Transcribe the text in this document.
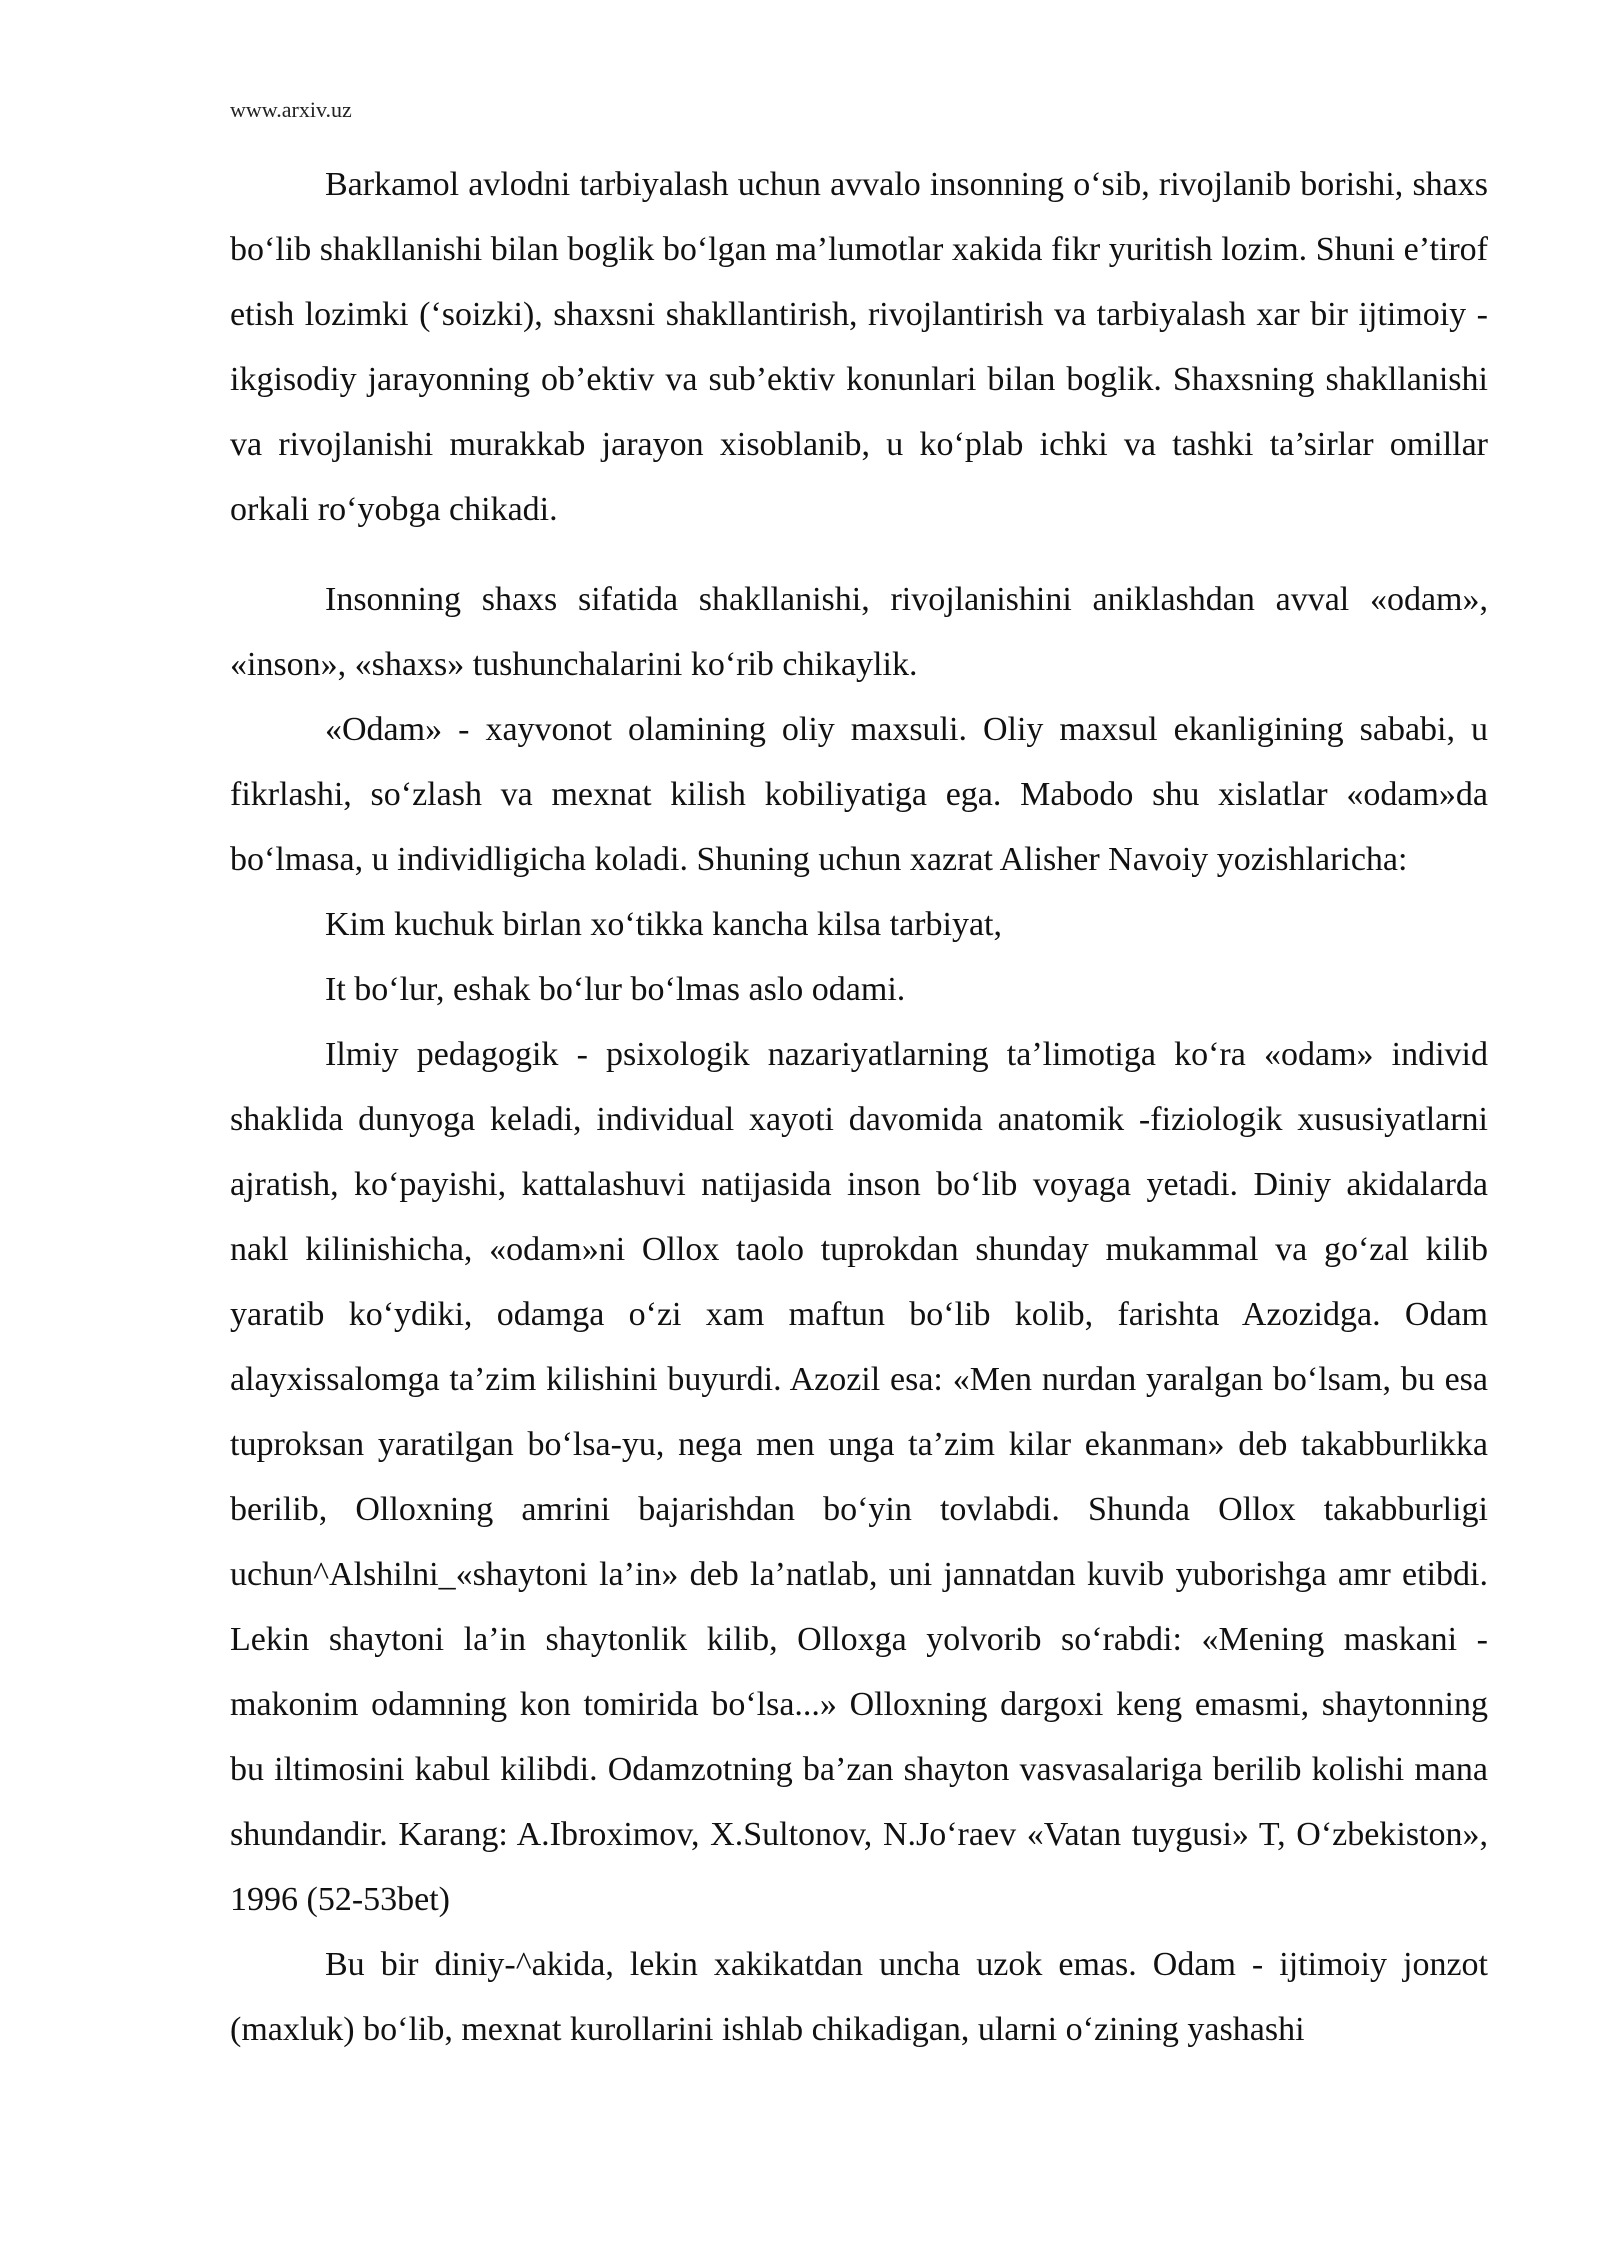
www.arxiv.uz

Barkamol avlodni tarbiyalash uchun avvalo insonning o‘sib, rivojlanib borishi, shaxs bo‘lib shakllanishi bilan boglik bo‘lgan ma’lumotlar xakida fikr yuritish lozim. Shuni e’tirof etish lozimki (‘soizki), shaxsni shakllantirish, rivojlantirish va tarbiyalash xar bir ijtimoiy - ikgisodiy jarayonning ob’ektiv va sub’ektiv konunlari bilan boglik. Shaxsning shakllanishi va rivojlanishi murakkab jarayon xisoblanib, u ko‘plab ichki va tashki ta’sirlar omillar orkali ro‘yobga chikadi.

Insonning shaxs sifatida shakllanishi, rivojlanishini aniklashdan avval «odam», «inson», «shaxs» tushunchalarini ko‘rib chikaylik.

«Odam» - xayvonot olamining oliy maxsuli. Oliy maxsul ekanligining sababi, u fikrlashi, so‘zlash va mexnat kilish kobiliyatiga ega. Mabodo shu xislatlar «odam»da bo‘lmasa, u individligicha koladi. Shuning uchun xazrat Alisher Navoiy yozishlaricha:

Kim kuchuk birlan xo‘tikka kancha kilsa tarbiyat,

It bo‘lur, eshak bo‘lur bo‘lmas aslo odami.

Ilmiy pedagogik - psixologik nazariyatlarning ta’limotiga ko‘ra «odam» individ shaklida dunyoga keladi, individual xayoti davomida anatomik -fiziologik xususiyatlarni ajratish, ko‘payishi, kattalashuvi natijasida inson bo‘lib voyaga yetadi. Diniy akidalarda nakl kilinishicha, «odam»ni Ollox taolo tuprokdan shunday mukammal va go‘zal kilib yaratib ko‘ydiki, odamga o‘zi xam maftun bo‘lib kolib, farishta Azozidga. Odam alayxissalomga ta’zim kilishini buyurdi. Azozil esa: «Men nurdan yaralgan bo‘lsam, bu esa tuproksan yaratilgan bo‘lsa-yu, nega men unga ta’zim kilar ekanman» deb takabburlikka berilib, Olloxning amrini bajarishdan bo‘yin tovlabdi. Shunda Ollox takabburligi uchun^Alshilni_«shaytoni la’in» deb la’natlab, uni jannatdan kuvib yuborishga amr etibdi. Lekin shaytoni la’in shaytonlik kilib, Olloxga yolvorib so‘rabdi: «Mening maskani - makonim odamning kon tomirida bo‘lsa...» Olloxning dargoxi keng emasmi, shaytonning bu iltimosini kabul kilibdi. Odamzotning ba’zan shayton vasvasalariga berilib kolishi mana shundandir. Karang: A.Ibroximov, X.Sultonov, N.Jo‘raev «Vatan tuygusi» T, O‘zbekiston», 1996 (52-53bet)

Bu bir diniy-^akida, lekin xakikatdan uncha uzok emas. Odam - ijtimoiy jonzot (maxluk) bo‘lib, mexnat kurollarini ishlab chikadigan, ularni o‘zining yashashi
